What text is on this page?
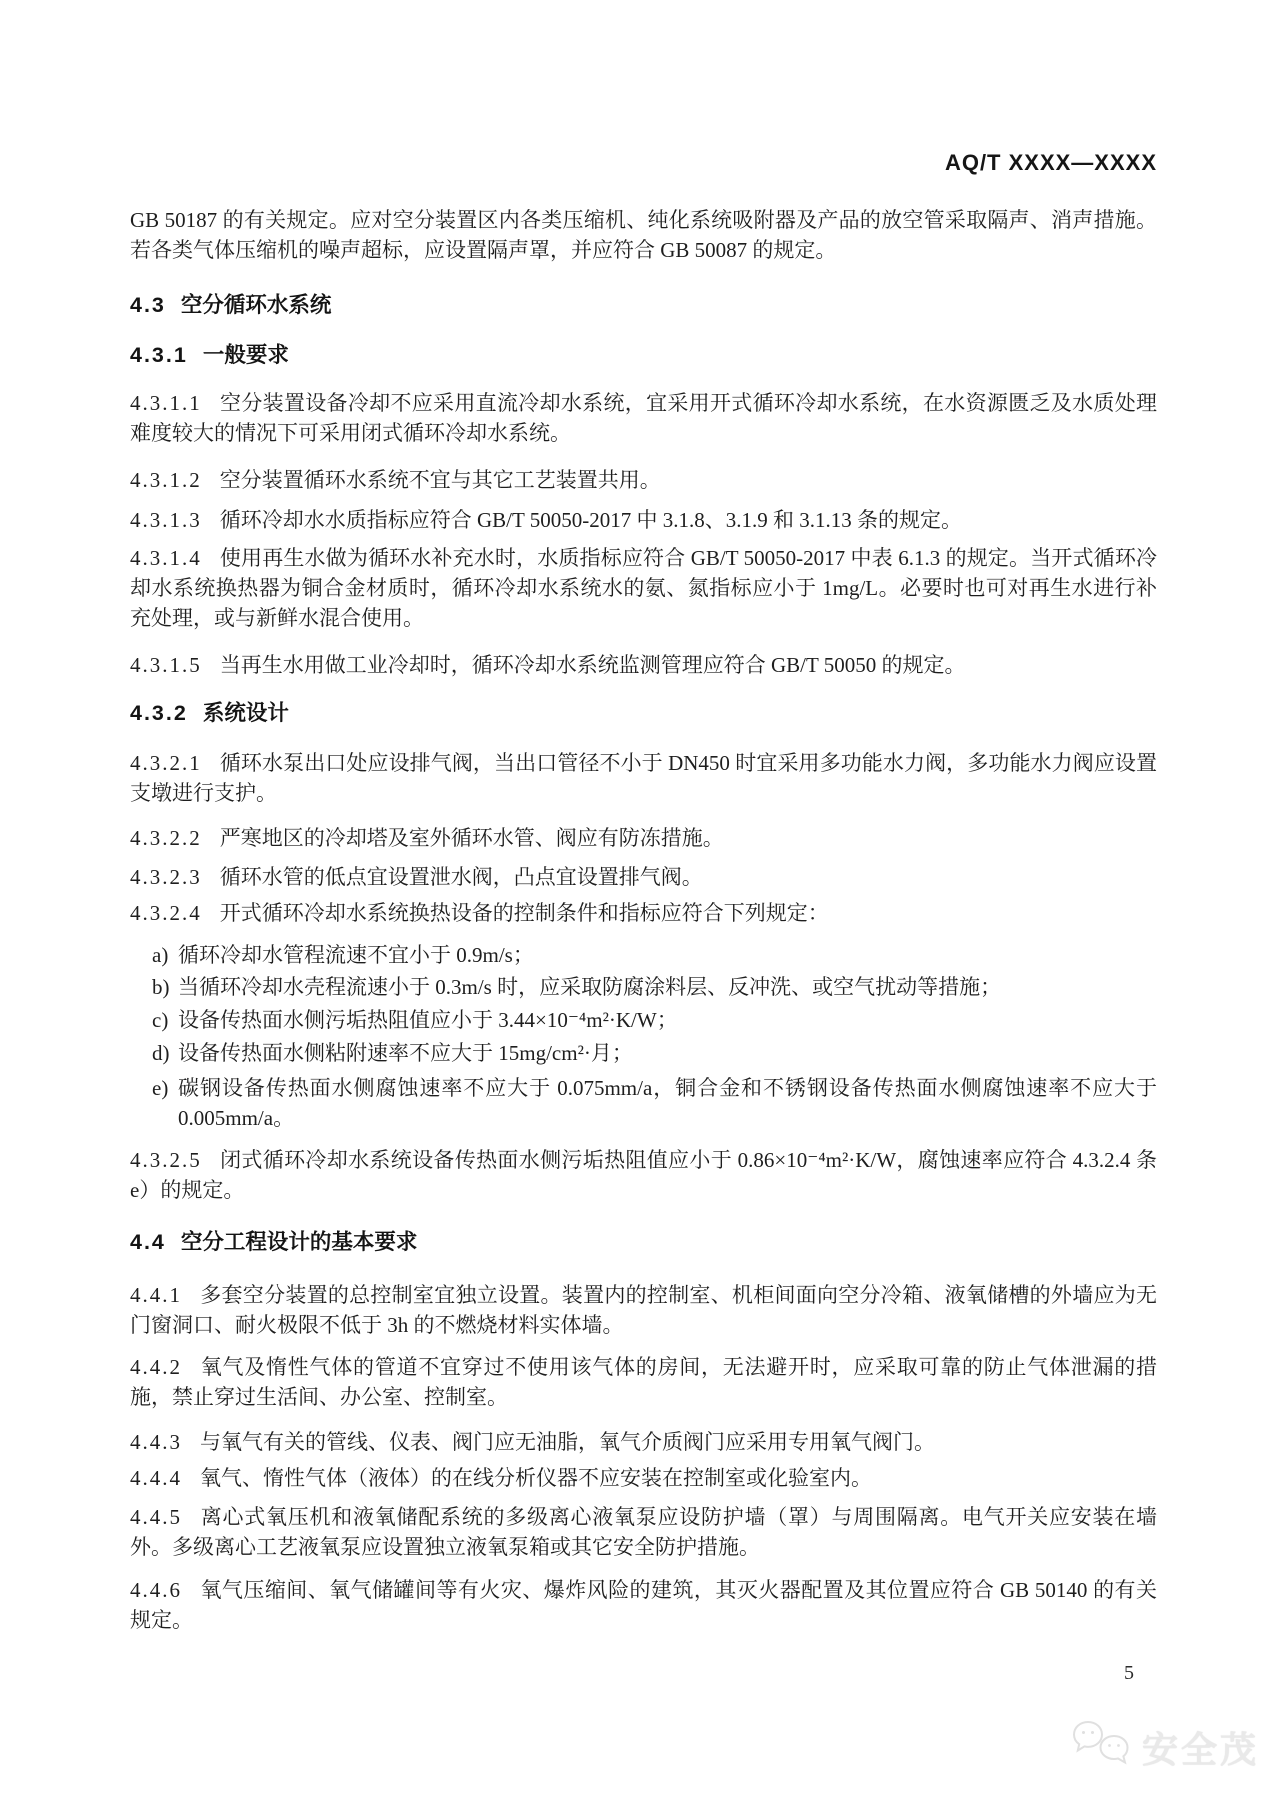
AQ/T XXXX—XXXX

GB 50187 的有关规定。应对空分装置区内各类压缩机、纯化系统吸附器及产品的放空管采取隔声、消声措施。若各类气体压缩机的噪声超标，应设置隔声罩，并应符合 GB 50087 的规定。

4.3 空分循环水系统
4.3.1 一般要求

4.3.1.1 空分装置设备冷却不应采用直流冷却水系统，宜采用开式循环冷却水系统，在水资源匮乏及水质处理难度较大的情况下可采用闭式循环冷却水系统。

4.3.1.2 空分装置循环水系统不宜与其它工艺装置共用。

4.3.1.3 循环冷却水水质指标应符合 GB/T 50050-2017 中 3.1.8、3.1.9 和 3.1.13 条的规定。

4.3.1.4 使用再生水做为循环水补充水时，水质指标应符合 GB/T 50050-2017 中表 6.1.3 的规定。当开式循环冷却水系统换热器为铜合金材质时，循环冷却水系统水的氨、氮指标应小于 1mg/L。必要时也可对再生水进行补充处理，或与新鲜水混合使用。

4.3.1.5 当再生水用做工业冷却时，循环冷却水系统监测管理应符合 GB/T 50050 的规定。

4.3.2 系统设计

4.3.2.1 循环水泵出口处应设排气阀，当出口管径不小于 DN450 时宜采用多功能水力阀，多功能水力阀应设置支墩进行支护。

4.3.2.2 严寒地区的冷却塔及室外循环水管、阀应有防冻措施。

4.3.2.3 循环水管的低点宜设置泄水阀，凸点宜设置排气阀。

4.3.2.4 开式循环冷却水系统换热设备的控制条件和指标应符合下列规定：

a) 循环冷却水管程流速不宜小于 0.9m/s；

b) 当循环冷却水壳程流速小于 0.3m/s 时，应采取防腐涂料层、反冲洗、或空气扰动等措施；

c) 设备传热面水侧污垢热阻值应小于 3.44×10⁻⁴m²·K/W；

d) 设备传热面水侧粘附速率不应大于 15mg/cm²·月；

e) 碳钢设备传热面水侧腐蚀速率不应大于 0.075mm/a，铜合金和不锈钢设备传热面水侧腐蚀速率不应大于 0.005mm/a。

4.3.2.5 闭式循环冷却水系统设备传热面水侧污垢热阻值应小于 0.86×10⁻⁴m²·K/W，腐蚀速率应符合 4.3.2.4 条 e）的规定。

4.4 空分工程设计的基本要求

4.4.1 多套空分装置的总控制室宜独立设置。装置内的控制室、机柜间面向空分冷箱、液氧储槽的外墙应为无门窗洞口、耐火极限不低于 3h 的不燃烧材料实体墙。

4.4.2 氧气及惰性气体的管道不宜穿过不使用该气体的房间，无法避开时，应采取可靠的防止气体泄漏的措施，禁止穿过生活间、办公室、控制室。

4.4.3 与氧气有关的管线、仪表、阀门应无油脂，氧气介质阀门应采用专用氧气阀门。

4.4.4 氧气、惰性气体（液体）的在线分析仪器不应安装在控制室或化验室内。

4.4.5 离心式氧压机和液氧储配系统的多级离心液氧泵应设防护墙（罩）与周围隔离。电气开关应安装在墙外。多级离心工艺液氧泵应设置独立液氧泵箱或其它安全防护措施。

4.4.6 氧气压缩间、氧气储罐间等有火灾、爆炸风险的建筑，其灭火器配置及其位置应符合 GB 50140 的有关规定。

5
安全茂
